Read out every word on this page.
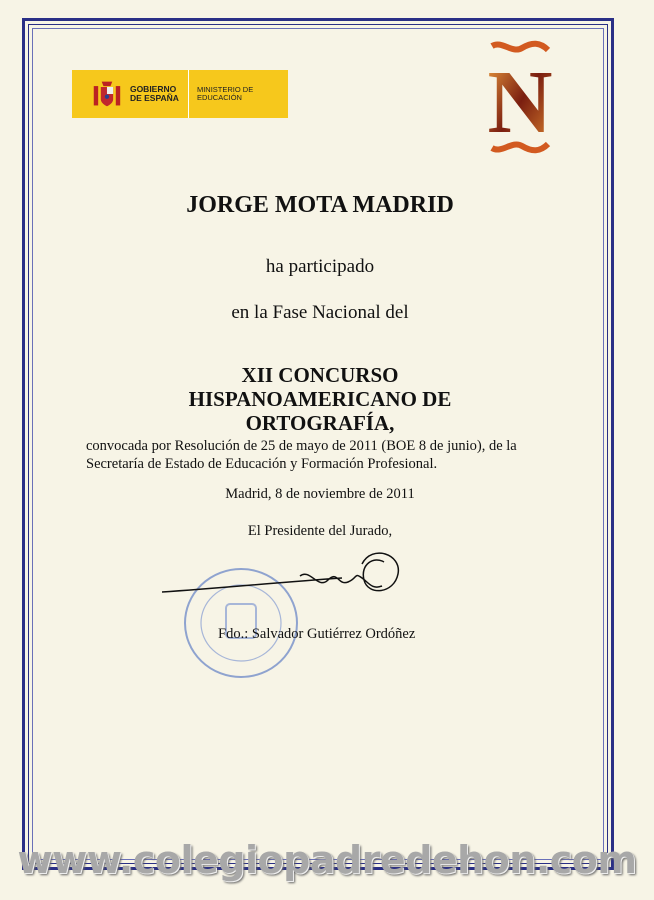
GOBIERNO DE ESPAÑA
MINISTERIO DE EDUCACIÓN	N
JORGE MOTA MADRID
ha participado
en la Fase Nacional del
XII CONCURSO HISPANOAMERICANO DE ORTOGRAFÍA,
convocada por Resolución de 25 de mayo de 2011 (BOE 8 de junio), de la Secretaría de Estado de Educación y Formación Profesional.
Madrid, 8 de noviembre de 2011
El Presidente del Jurado,
Fdo.: Salvador Gutiérrez Ordóñez
www.colegiopadredehon.com
